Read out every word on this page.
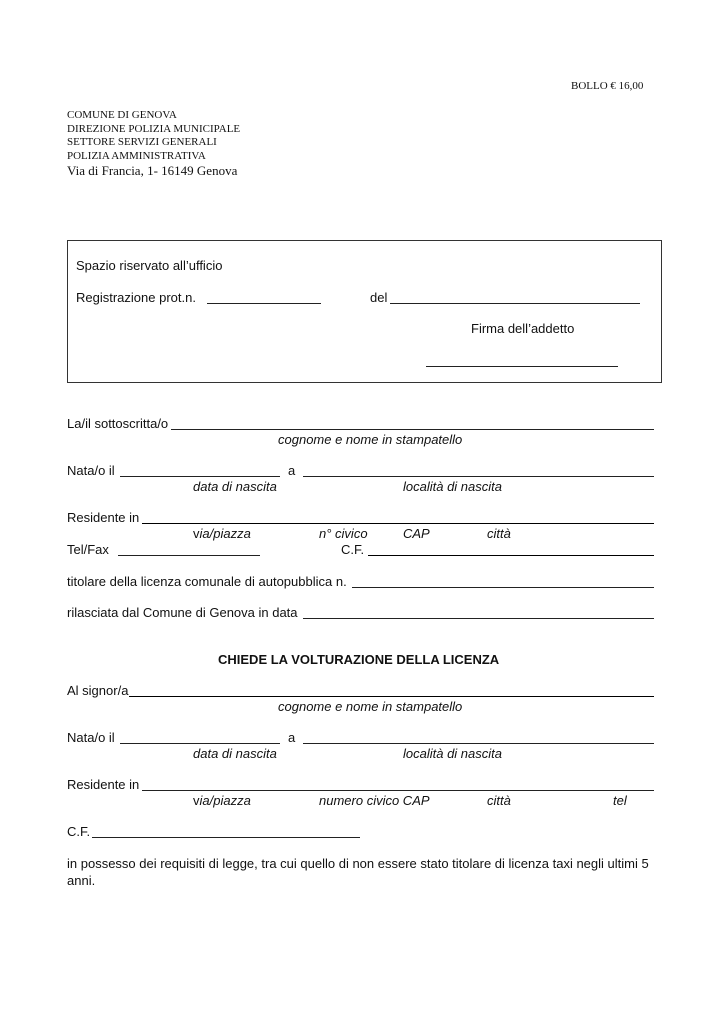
BOLLO € 16,00
COMUNE DI GENOVA
DIREZIONE POLIZIA MUNICIPALE
SETTORE SERVIZI GENERALI
POLIZIA AMMINISTRATIVA
Via di Francia, 1- 16149 Genova
Spazio riservato all’ufficio
Registrazione prot.n.	del
Firma dell’addetto
La/il sottoscritta/o
cognome e nome in stampatello
Nata/o il	a
data di nascita	località di nascita
Residente in
via/piazza	n° civico	CAP	città
Tel/Fax	C.F.
titolare della licenza comunale di autopubblica n.
rilasciata dal Comune di Genova in data
CHIEDE LA VOLTURAZIONE DELLA LICENZA
Al signor/a
cognome e nome in stampatello
Nata/o il	a
data di nascita	località di nascita
Residente in
via/piazza	numero civico CAP	città	tel
C.F.
in possesso dei requisiti di legge, tra cui quello di non essere stato titolare di licenza taxi negli ultimi 5
anni.
